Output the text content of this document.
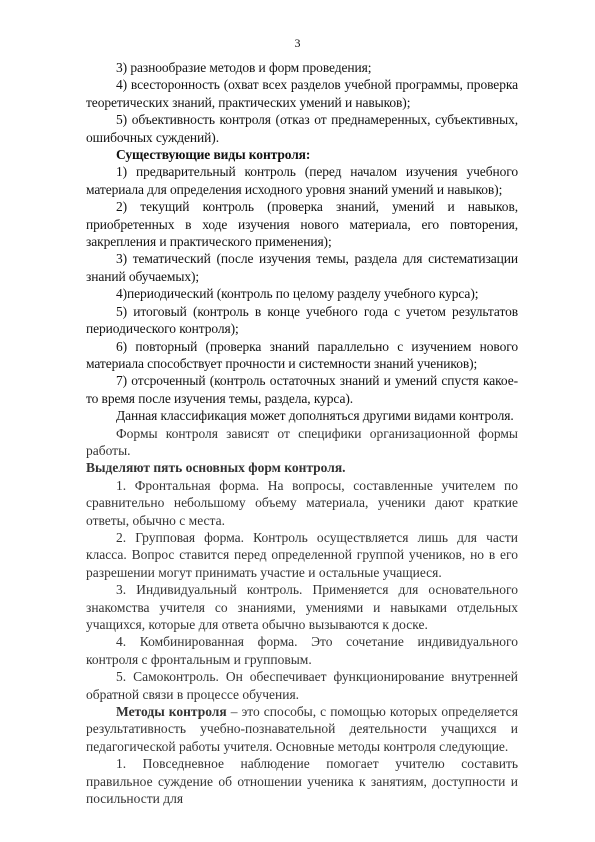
3

3) разнообразие методов и форм проведения;

4) всесторонность (охват всех разделов учебной программы, проверка теоретических знаний, практических умений и навыков);

5) объективность контроля (отказ от преднамеренных, субъективных, ошибочных суждений).

Существующие виды контроля:

1) предварительный контроль (перед началом изучения учебного материала для определения исходного уровня знаний умений и навыков);

2) текущий контроль (проверка знаний, умений и навыков, приобретенных в ходе изучения нового материала, его повторения, закрепления и практического применения);

3) тематический (после изучения темы, раздела для систематизации знаний обучаемых);

4)периодический (контроль по целому разделу учебного курса);

5) итоговый (контроль в конце учебного года с учетом результатов периодического контроля);

6) повторный (проверка знаний параллельно с изучением нового материала способствует прочности и системности знаний учеников);

7) отсроченный (контроль остаточных знаний и умений спустя какое-то время после изучения темы, раздела, курса).

Данная классификация может дополняться другими видами контроля.

Формы контроля зависят от специфики организационной формы работы.

Выделяют пять основных форм контроля.

1. Фронтальная форма. На вопросы, составленные учителем по сравнительно небольшому объему материала, ученики дают краткие ответы, обычно с места.

2. Групповая форма. Контроль осуществляется лишь для части класса. Вопрос ставится перед определенной группой учеников, но в его разрешении могут принимать участие и остальные учащиеся.

3. Индивидуальный контроль. Применяется для основательного знакомства учителя со знаниями, умениями и навыками отдельных учащихся, которые для ответа обычно вызываются к доске.

4. Комбинированная форма. Это сочетание индивидуального контроля с фронтальным и групповым.

5. Самоконтроль. Он обеспечивает функционирование внутренней обратной связи в процессе обучения.

Методы контроля – это способы, с помощью которых определяется результативность учебно-познавательной деятельности учащихся и педагогической работы учителя. Основные методы контроля следующие.

1. Повседневное наблюдение помогает учителю составить правильное суждение об отношении ученика к занятиям, доступности и посильности для
